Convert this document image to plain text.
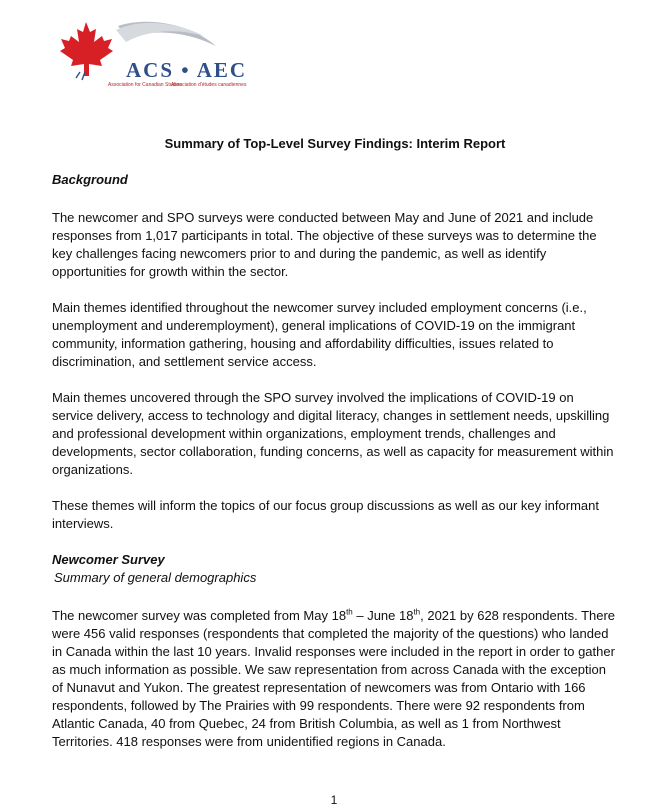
ACS • AEC
Association for Canadian Studies
Association d'études canadiennes
Summary of Top-Level Survey Findings: Interim Report
Background

The newcomer and SPO surveys were conducted between May and June of 2021 and include responses from 1,017 participants in total. The objective of these surveys was to determine the key challenges facing newcomers prior to and during the pandemic, as well as identify opportunities for growth within the sector.

Main themes identified throughout the newcomer survey included employment concerns (i.e., unemployment and underemployment), general implications of COVID-19 on the immigrant community, information gathering, housing and affordability difficulties, issues related to discrimination, and settlement service access.

Main themes uncovered through the SPO survey involved the implications of COVID-19 on service delivery, access to technology and digital literacy, changes in settlement needs, upskilling and professional development within organizations, employment trends, challenges and developments, sector collaboration, funding concerns, as well as capacity for measurement within organizations.

These themes will inform the topics of our focus group discussions as well as our key informant interviews.

Newcomer Survey
Summary of general demographics

The newcomer survey was completed from May 18th – June 18th, 2021 by 628 respondents. There were 456 valid responses (respondents that completed the majority of the questions) who landed in Canada within the last 10 years. Invalid responses were included in the report in order to gather as much information as possible. We saw representation from across Canada with the exception of Nunavut and Yukon. The greatest representation of newcomers was from Ontario with 166 respondents, followed by The Prairies with 99 respondents. There were 92 respondents from Atlantic Canada, 40 from Quebec, 24 from British Columbia, as well as 1 from Northwest Territories. 418 responses were from unidentified regions in Canada.

1
